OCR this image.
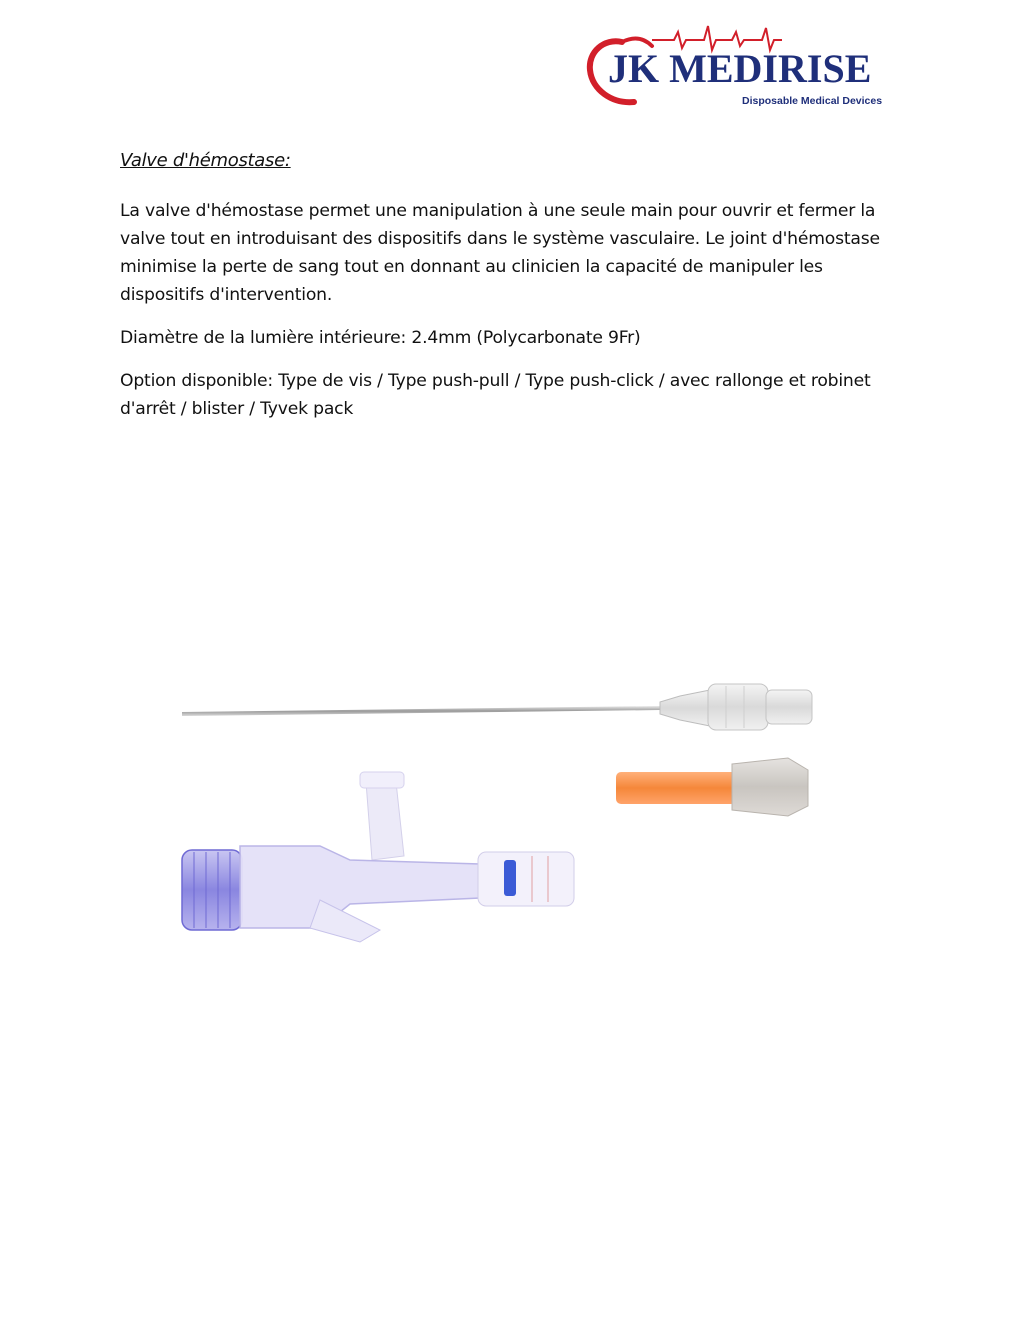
JK MEDIRISE
Disposable Medical Devices
Valve d'hémostase:

La valve d'hémostase permet une manipulation à une seule main pour ouvrir et fermer la valve tout en introduisant des dispositifs dans le système vasculaire. Le joint d'hémostase minimise la perte de sang tout en donnant au clinicien la capacité de manipuler les dispositifs d'intervention.

Diamètre de la lumière intérieure: 2.4mm (Polycarbonate 9Fr)

Option disponible: Type de vis / Type push-pull / Type push-click / avec rallonge et robinet d'arrêt / blister / Tyvek pack
